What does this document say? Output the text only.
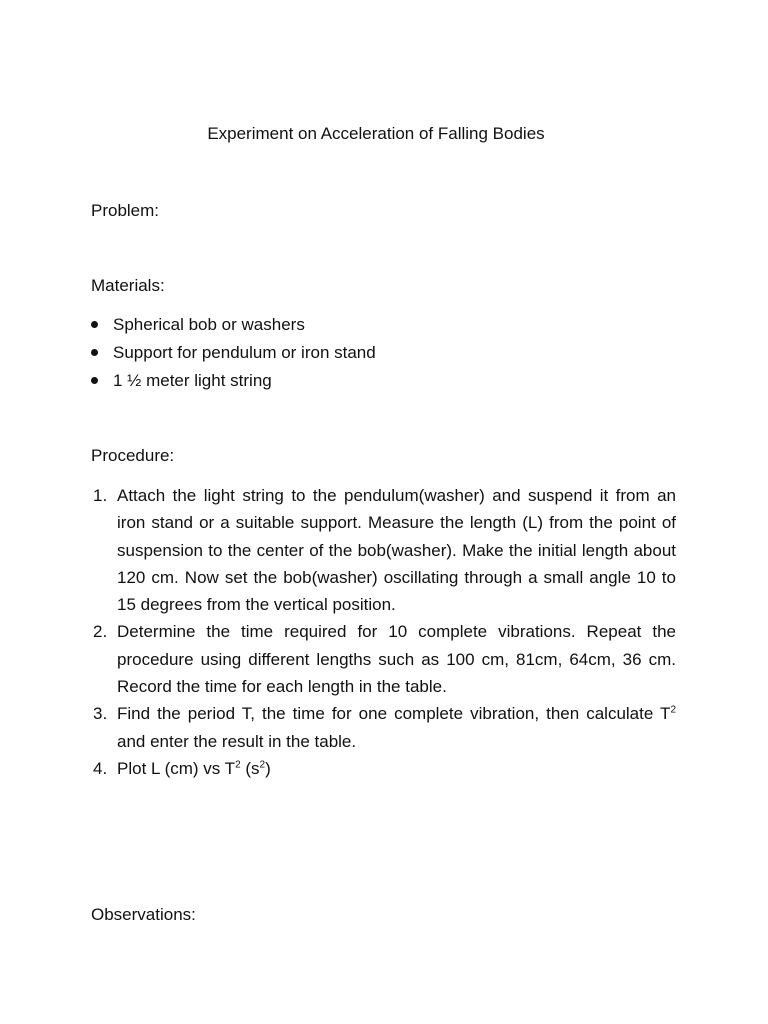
Experiment on Acceleration of Falling Bodies
Problem:
Materials:
Spherical bob or washers
Support for pendulum or iron stand
1 ½ meter light string
Procedure:
1. Attach the light string to the pendulum(washer) and suspend it from an iron stand or a suitable support. Measure the length (L) from the point of suspension to the center of the bob(washer). Make the initial length about 120 cm. Now set the bob(washer) oscillating through a small angle 10 to 15 degrees from the vertical position.
2. Determine the time required for 10 complete vibrations. Repeat the procedure using different lengths such as 100 cm, 81cm, 64cm, 36 cm. Record the time for each length in the table.
3. Find the period T, the time for one complete vibration, then calculate $T^2$ and enter the result in the table.
4. Plot L (cm) vs $T^2$ $(s^2)$
Observations:
